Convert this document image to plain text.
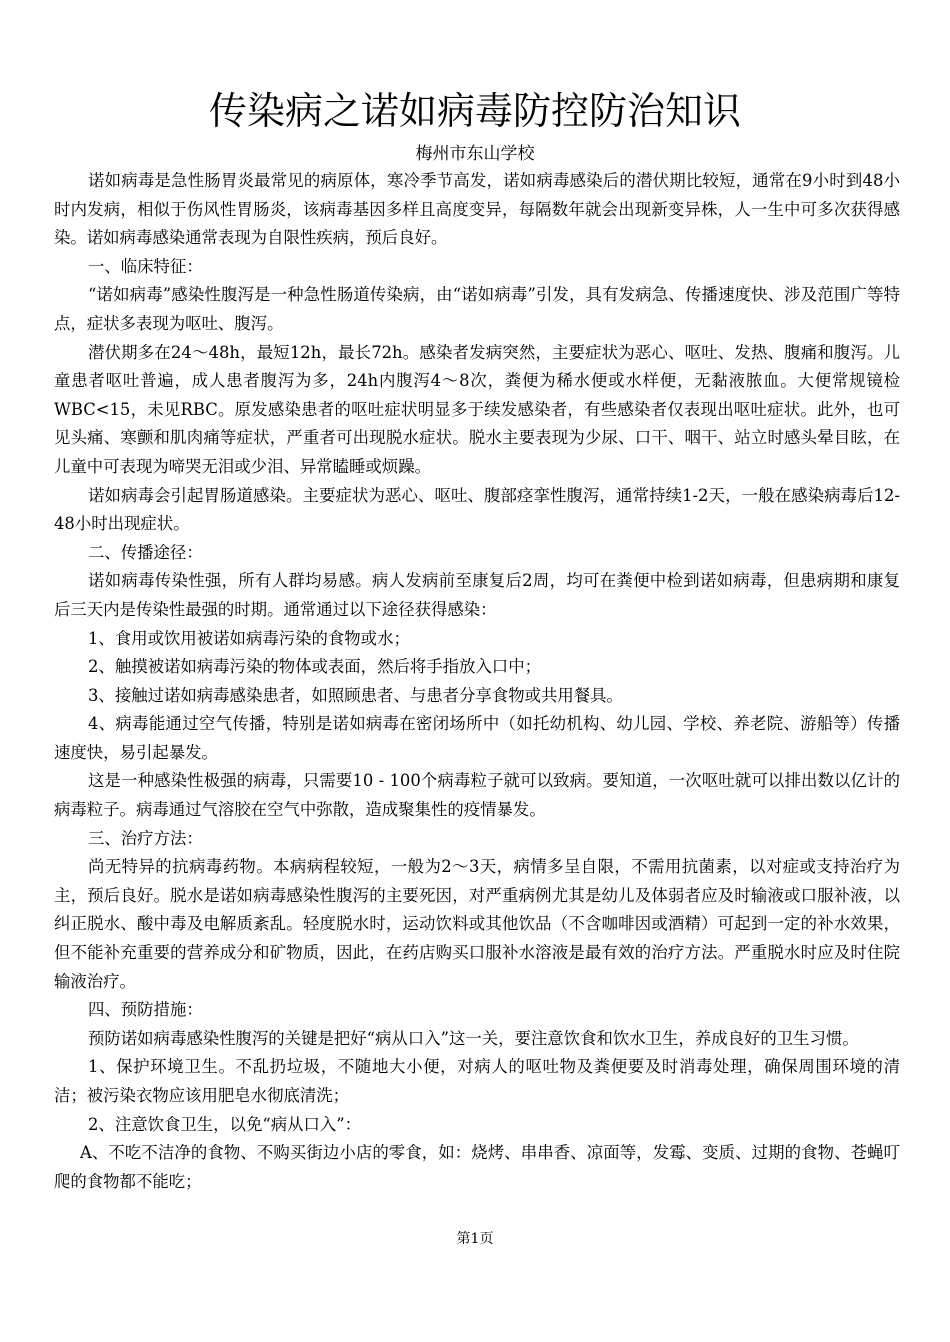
传染病之诺如病毒防控防治知识
梅州市东山学校

诺如病毒是急性肠胃炎最常见的病原体，寒冷季节高发，诺如病毒感染后的潜伏期比较短，通常在9小时到48小时内发病，相似于伤风性胃肠炎，该病毒基因多样且高度变异，每隔数年就会出现新变异株，人一生中可多次获得感染。诺如病毒感染通常表现为自限性疾病，预后良好。

一、临床特征：

“诺如病毒”感染性腹泻是一种急性肠道传染病，由“诺如病毒”引发，具有发病急、传播速度快、涉及范围广等特点，症状多表现为呕吐、腹泻。

潜伏期多在24～48h，最短12h，最长72h。感染者发病突然，主要症状为恶心、呕吐、发热、腹痛和腹泻。儿童患者呕吐普遍，成人患者腹泻为多，24h内腹泻4～8次，粪便为稀水便或水样便，无黏液脓血。大便常规镜检WBC<15，未见RBC。原发感染患者的呕吐症状明显多于续发感染者，有些感染者仅表现出呕吐症状。此外，也可见头痛、寒颤和肌肉痛等症状，严重者可出现脱水症状。脱水主要表现为少尿、口干、咽干、站立时感头晕目眩，在儿童中可表现为啼哭无泪或少泪、异常瞌睡或烦躁。

诺如病毒会引起胃肠道感染。主要症状为恶心、呕吐、腹部痉挛性腹泻，通常持续1-2天，一般在感染病毒后12-48小时出现症状。

二、传播途径：

诺如病毒传染性强，所有人群均易感。病人发病前至康复后2周，均可在粪便中检到诺如病毒，但患病期和康复后三天内是传染性最强的时期。通常通过以下途径获得感染：

1、食用或饮用被诺如病毒污染的食物或水；

2、触摸被诺如病毒污染的物体或表面，然后将手指放入口中；

3、接触过诺如病毒感染患者，如照顾患者、与患者分享食物或共用餐具。

4、病毒能通过空气传播，特别是诺如病毒在密闭场所中（如托幼机构、幼儿园、学校、养老院、游船等）传播速度快，易引起暴发。

这是一种感染性极强的病毒，只需要10 - 100个病毒粒子就可以致病。要知道，一次呕吐就可以排出数以亿计的病毒粒子。病毒通过气溶胶在空气中弥散，造成聚集性的疫情暴发。

三、治疗方法：

尚无特异的抗病毒药物。本病病程较短，一般为2～3天，病情多呈自限，不需用抗菌素，以对症或支持治疗为主，预后良好。脱水是诺如病毒感染性腹泻的主要死因，对严重病例尤其是幼儿及体弱者应及时输液或口服补液，以纠正脱水、酸中毒及电解质紊乱。轻度脱水时，运动饮料或其他饮品（不含咖啡因或酒精）可起到一定的补水效果，但不能补充重要的营养成分和矿物质，因此，在药店购买口服补水溶液是最有效的治疗方法。严重脱水时应及时住院输液治疗。

四、预防措施：

预防诺如病毒感染性腹泻的关键是把好“病从口入”这一关，要注意饮食和饮水卫生，养成良好的卫生习惯。

1、保护环境卫生。不乱扔垃圾，不随地大小便，对病人的呕吐物及粪便要及时消毒处理，确保周围环境的清洁；被污染衣物应该用肥皂水彻底清洗；

2、注意饮食卫生，以免“病从口入”：

A、不吃不洁净的食物、不购买街边小店的零食，如：烧烤、串串香、凉面等，发霉、变质、过期的食物、苍蝇叮爬的食物都不能吃；

第1页
